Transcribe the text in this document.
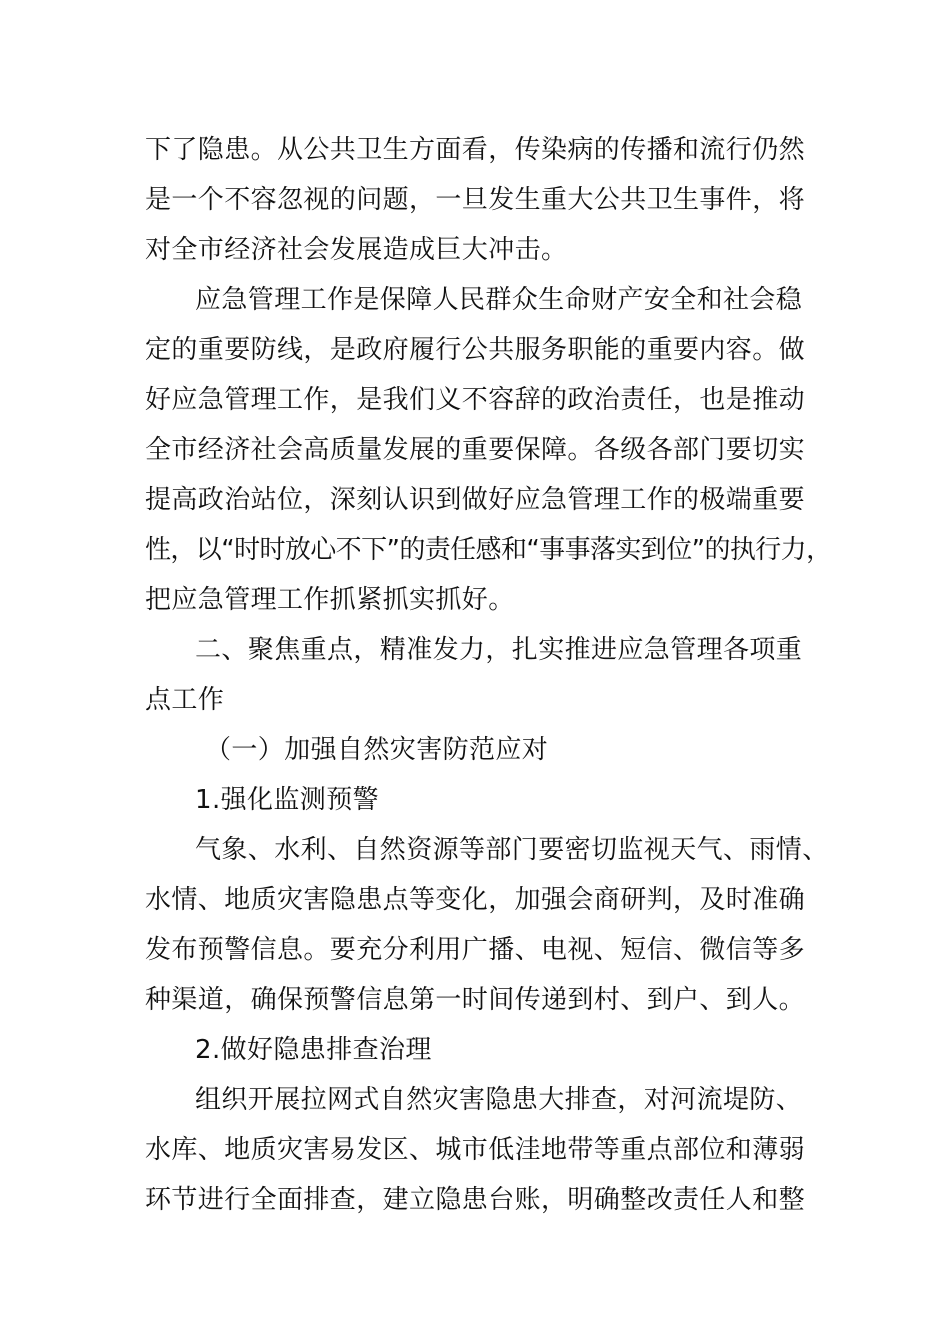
下了隐患。从公共卫生方面看，传染病的传播和流行仍然
是一个不容忽视的问题，一旦发生重大公共卫生事件，将
对全市经济社会发展造成巨大冲击。
应急管理工作是保障人民群众生命财产安全和社会稳
定的重要防线，是政府履行公共服务职能的重要内容。做
好应急管理工作，是我们义不容辞的政治责任，也是推动
全市经济社会高质量发展的重要保障。各级各部门要切实
提高政治站位，深刻认识到做好应急管理工作的极端重要
性，以“时时放心不下”的责任感和“事事落实到位”的执行力，
把应急管理工作抓紧抓实抓好。
二、聚焦重点，精准发力，扎实推进应急管理各项重
点工作
（一）加强自然灾害防范应对
1.强化监测预警
气象、水利、自然资源等部门要密切监视天气、雨情、
水情、地质灾害隐患点等变化，加强会商研判，及时准确
发布预警信息。要充分利用广播、电视、短信、微信等多
种渠道，确保预警信息第一时间传递到村、到户、到人。
2.做好隐患排查治理
组织开展拉网式自然灾害隐患大排查，对河流堤防、
水库、地质灾害易发区、城市低洼地带等重点部位和薄弱
环节进行全面排查，建立隐患台账，明确整改责任人和整
